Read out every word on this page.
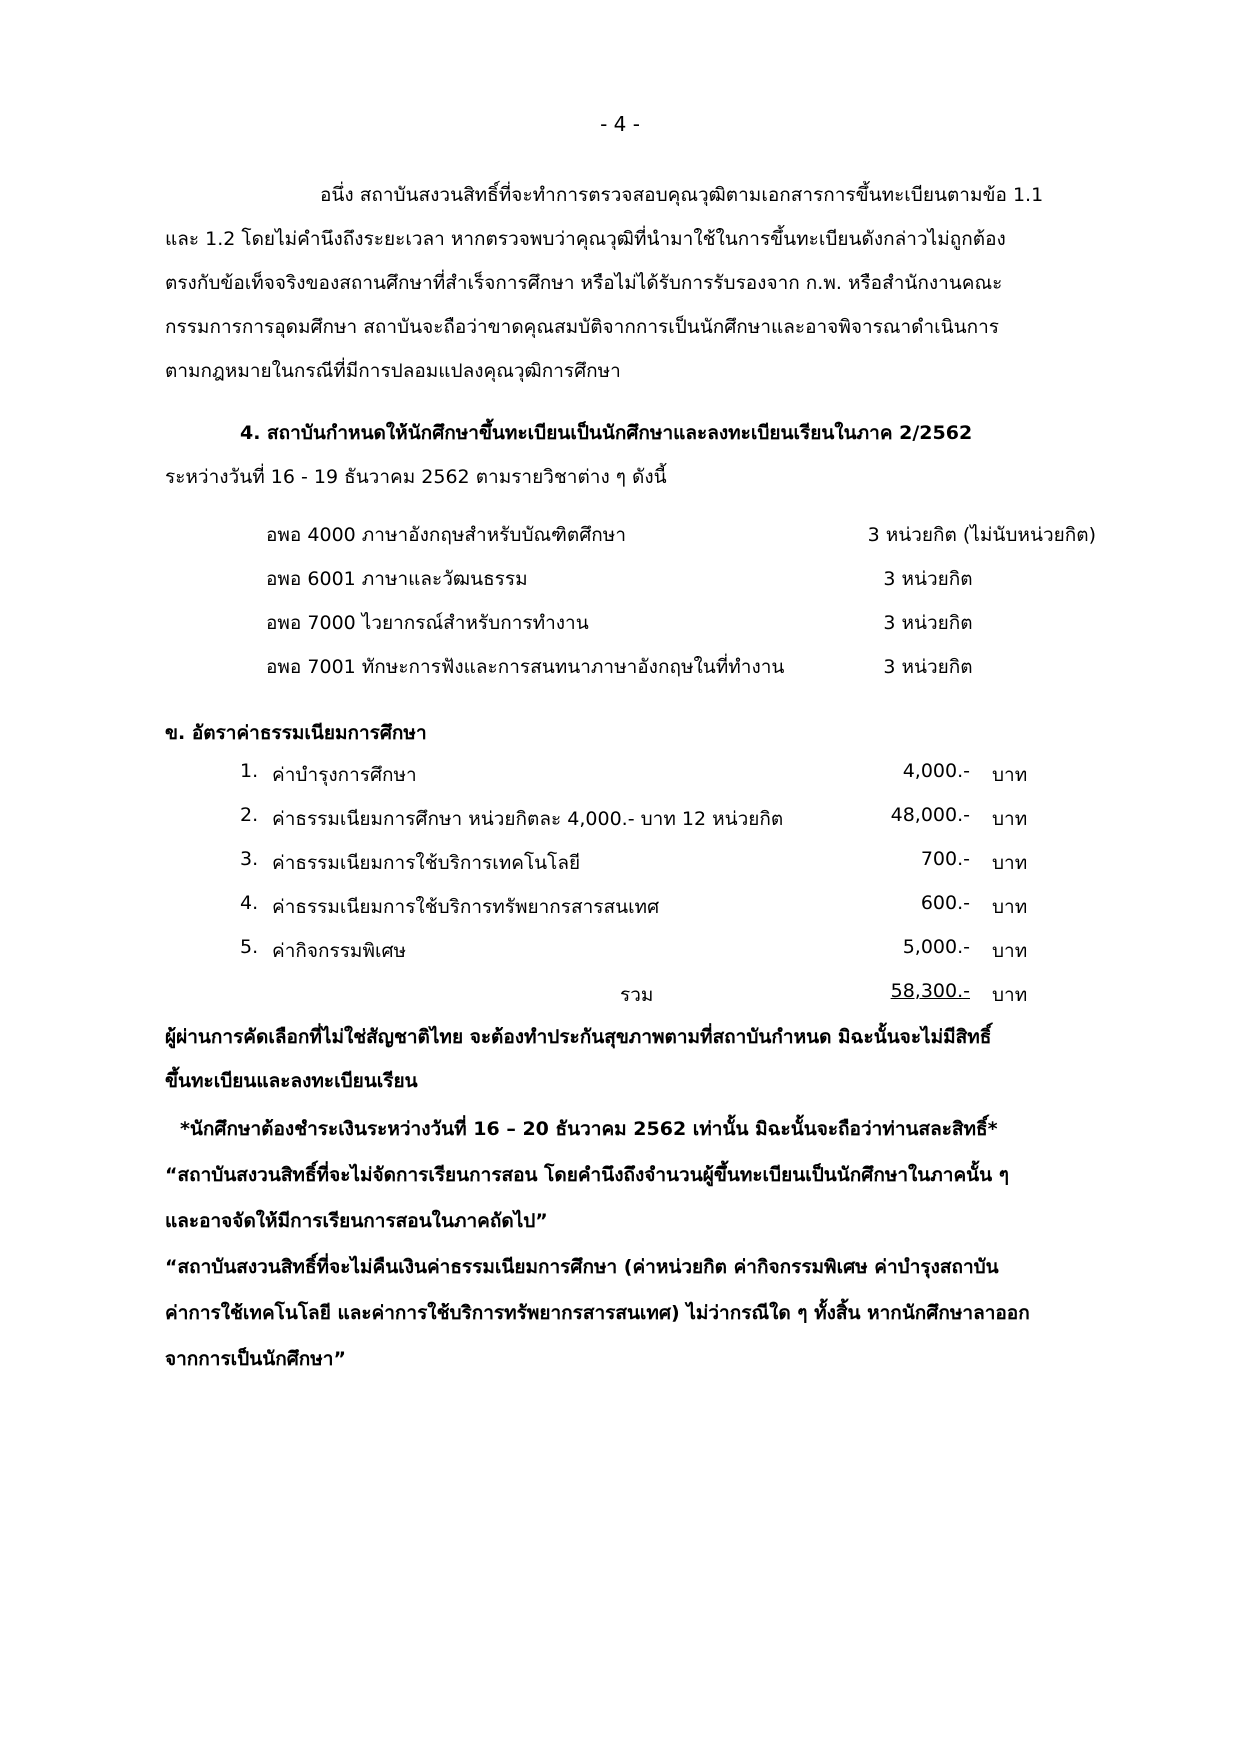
- 4 -
อนึ่ง สถาบันสงวนสิทธิ์ที่จะทำการตรวจสอบคุณวุฒิตามเอกสารการขึ้นทะเบียนตามข้อ 1.1
และ 1.2 โดยไม่คำนึงถึงระยะเวลา หากตรวจพบว่าคุณวุฒิที่นำมาใช้ในการขึ้นทะเบียนดังกล่าวไม่ถูกต้อง
ตรงกับข้อเท็จจริงของสถานศึกษาที่สำเร็จการศึกษา หรือไม่ได้รับการรับรองจาก ก.พ. หรือสำนักงานคณะ
กรรมการการอุดมศึกษา สถาบันจะถือว่าขาดคุณสมบัติจากการเป็นนักศึกษาและอาจพิจารณาดำเนินการ
ตามกฎหมายในกรณีที่มีการปลอมแปลงคุณวุฒิการศึกษา
4. สถาบันกำหนดให้นักศึกษาขึ้นทะเบียนเป็นนักศึกษาและลงทะเบียนเรียนในภาค 2/2562
ระหว่างวันที่ 16 - 19 ธันวาคม 2562 ตามรายวิชาต่าง ๆ ดังนี้
อพอ 4000 ภาษาอังกฤษสำหรับบัณฑิตศึกษา	3 หน่วยกิต (ไม่นับหน่วยกิต)
อพอ 6001 ภาษาและวัฒนธรรม	3 หน่วยกิต
อพอ 7000 ไวยากรณ์สำหรับการทำงาน	3 หน่วยกิต
อพอ 7001 ทักษะการฟังและการสนทนาภาษาอังกฤษในที่ทำงาน	3 หน่วยกิต
ข. อัตราค่าธรรมเนียมการศึกษา
1. ค่าบำรุงการศึกษา	4,000.- บาท
2. ค่าธรรมเนียมการศึกษา หน่วยกิตละ 4,000.- บาท 12 หน่วยกิต	48,000.- บาท
3. ค่าธรรมเนียมการใช้บริการเทคโนโลยี	700.- บาท
4. ค่าธรรมเนียมการใช้บริการทรัพยากรสารสนเทศ	600.- บาท
5. ค่ากิจกรรมพิเศษ	5,000.- บาท
รวม	58,300.- บาท
ผู้ผ่านการคัดเลือกที่ไม่ใช่สัญชาติไทย จะต้องทำประกันสุขภาพตามที่สถาบันกำหนด มิฉะนั้นจะไม่มีสิทธิ์
ขึ้นทะเบียนและลงทะเบียนเรียน
*นักศึกษาต้องชำระเงินระหว่างวันที่ 16 – 20 ธันวาคม 2562 เท่านั้น มิฉะนั้นจะถือว่าท่านสละสิทธิ์*
“สถาบันสงวนสิทธิ์ที่จะไม่จัดการเรียนการสอน โดยคำนึงถึงจำนวนผู้ขึ้นทะเบียนเป็นนักศึกษาในภาคนั้น ๆ
และอาจจัดให้มีการเรียนการสอนในภาคถัดไป”
“สถาบันสงวนสิทธิ์ที่จะไม่คืนเงินค่าธรรมเนียมการศึกษา (ค่าหน่วยกิต ค่ากิจกรรมพิเศษ ค่าบำรุงสถาบัน
ค่าการใช้เทคโนโลยี และค่าการใช้บริการทรัพยากรสารสนเทศ) ไม่ว่ากรณีใด ๆ ทั้งสิ้น หากนักศึกษาลาออก
จากการเป็นนักศึกษา”
